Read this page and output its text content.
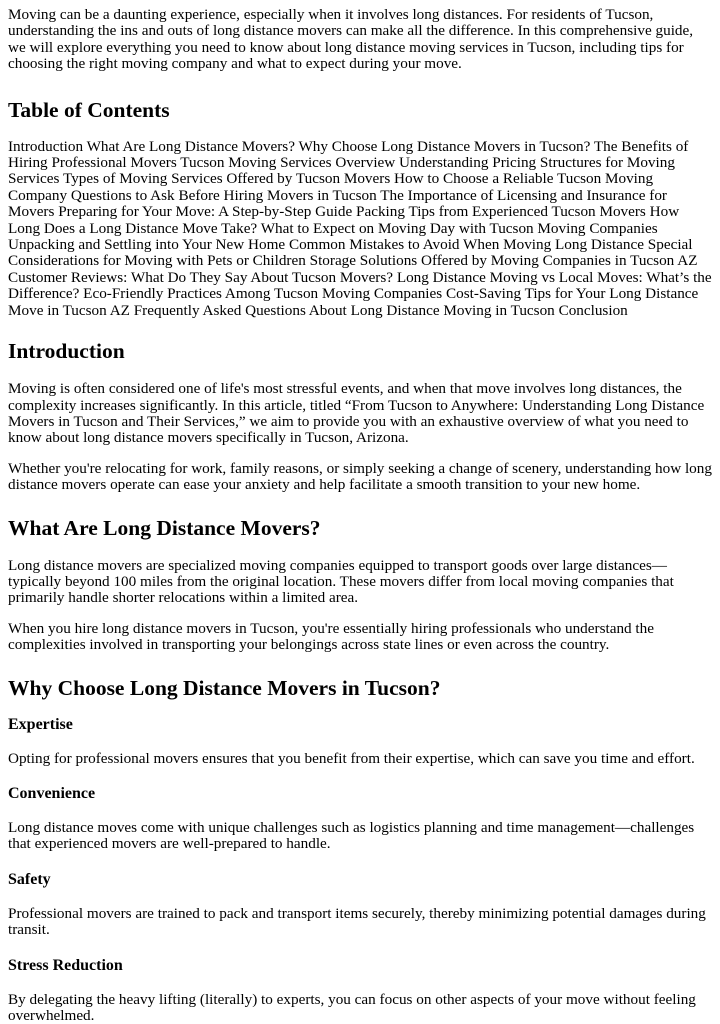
Moving can be a daunting experience, especially when it involves long distances. For residents of Tucson, understanding the ins and outs of long distance movers can make all the difference. In this comprehensive guide, we will explore everything you need to know about long distance moving services in Tucson, including tips for choosing the right moving company and what to expect during your move.

Table of Contents

Introduction What Are Long Distance Movers? Why Choose Long Distance Movers in Tucson? The Benefits of Hiring Professional Movers Tucson Moving Services Overview Understanding Pricing Structures for Moving Services Types of Moving Services Offered by Tucson Movers How to Choose a Reliable Tucson Moving Company Questions to Ask Before Hiring Movers in Tucson The Importance of Licensing and Insurance for Movers Preparing for Your Move: A Step-by-Step Guide Packing Tips from Experienced Tucson Movers How Long Does a Long Distance Move Take? What to Expect on Moving Day with Tucson Moving Companies Unpacking and Settling into Your New Home Common Mistakes to Avoid When Moving Long Distance Special Considerations for Moving with Pets or Children Storage Solutions Offered by Moving Companies in Tucson AZ Customer Reviews: What Do They Say About Tucson Movers? Long Distance Moving vs Local Moves: What’s the Difference? Eco-Friendly Practices Among Tucson Moving Companies Cost-Saving Tips for Your Long Distance Move in Tucson AZ Frequently Asked Questions About Long Distance Moving in Tucson Conclusion

Introduction

Moving is often considered one of life's most stressful events, and when that move involves long distances, the complexity increases significantly. In this article, titled “From Tucson to Anywhere: Understanding Long Distance Movers in Tucson and Their Services,” we aim to provide you with an exhaustive overview of what you need to know about long distance movers specifically in Tucson, Arizona.

Whether you're relocating for work, family reasons, or simply seeking a change of scenery, understanding how long distance movers operate can ease your anxiety and help facilitate a smooth transition to your new home.

What Are Long Distance Movers?

Long distance movers are specialized moving companies equipped to transport goods over large distances—typically beyond 100 miles from the original location. These movers differ from local moving companies that primarily handle shorter relocations within a limited area.

When you hire long distance movers in Tucson, you're essentially hiring professionals who understand the complexities involved in transporting your belongings across state lines or even across the country.

Why Choose Long Distance Movers in Tucson?
Expertise

Opting for professional movers ensures that you benefit from their expertise, which can save you time and effort.

Convenience

Long distance moves come with unique challenges such as logistics planning and time management—challenges that experienced movers are well-prepared to handle.

Safety

Professional movers are trained to pack and transport items securely, thereby minimizing potential damages during transit.

Stress Reduction

By delegating the heavy lifting (literally) to experts, you can focus on other aspects of your move without feeling overwhelmed.
